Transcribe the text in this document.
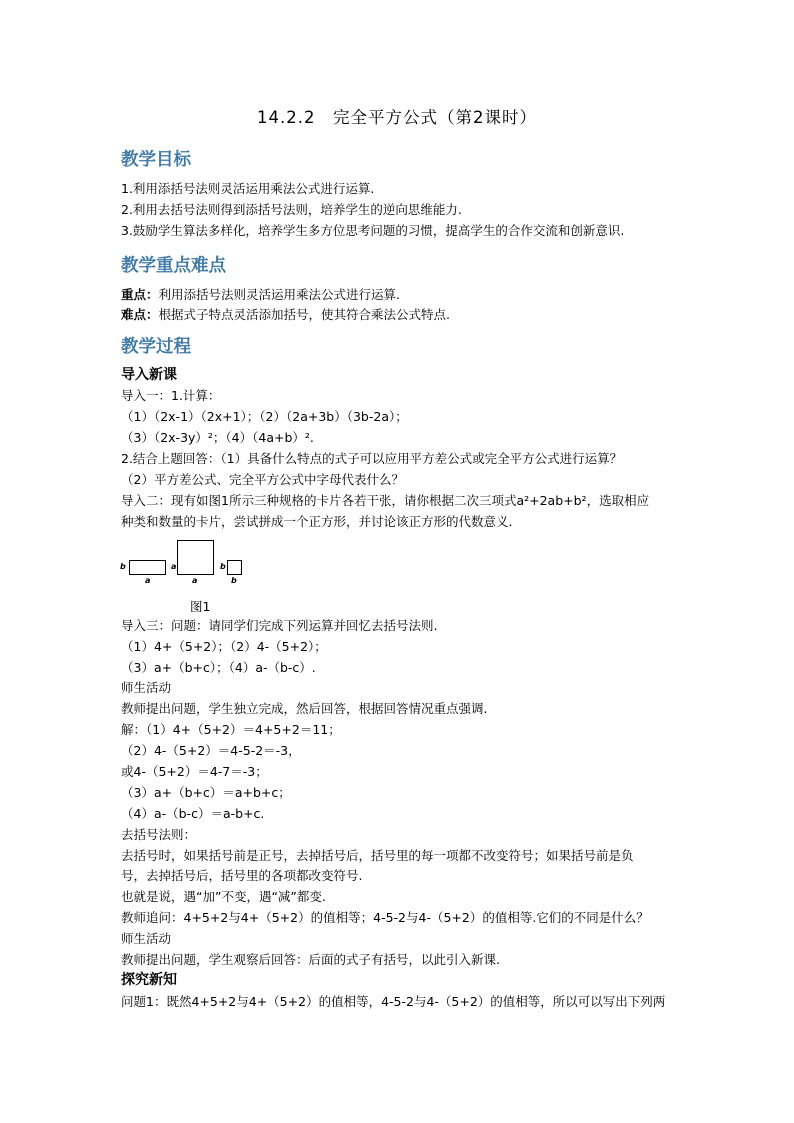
14.2.2　完全平方公式（第2课时）
教学目标
1.利用添括号法则灵活运用乘法公式进行运算.
2.利用去括号法则得到添括号法则，培养学生的逆向思维能力.
3.鼓励学生算法多样化，培养学生多方位思考问题的习惯，提高学生的合作交流和创新意识.
教学重点难点
重点：利用添括号法则灵活运用乘法公式进行运算.
难点：根据式子特点灵活添加括号，使其符合乘法公式特点.
教学过程
导入新课
导入一：1.计算：
（1）（2x-1）（2x+1）；（2）（2a+3b）（3b-2a）；
（3）（2x-3y）²；（4）（4a+b）².
2.结合上题回答：（1）具备什么特点的式子可以应用平方差公式或完全平方公式进行运算？
（2）平方差公式、完全平方公式中字母代表什么？
导入二：现有如图1所示三种规格的卡片各若干张，请你根据二次三项式a²+2ab+b²，选取相应
种类和数量的卡片，尝试拼成一个正方形，并讨论该正方形的代数意义.
b
a
a
a
b
b
图1
导入三：问题：请同学们完成下列运算并回忆去括号法则.
（1）4+（5+2）；（2）4-（5+2）；
（3）a+（b+c）；（4）a-（b-c）.
师生活动
教师提出问题，学生独立完成，然后回答，根据回答情况重点强调.
解：（1）4+（5+2）＝4+5+2＝11；
（2）4-（5+2）＝4-5-2＝-3，
或4-（5+2）＝4-7＝-3；
（3）a+（b+c）＝a+b+c；
（4）a-（b-c）＝a-b+c.
去括号法则：
去括号时，如果括号前是正号，去掉括号后，括号里的每一项都不改变符号；如果括号前是负
号，去掉括号后，括号里的各项都改变符号.
也就是说，遇“加”不变，遇“减”都变.
教师追问：4+5+2与4+（5+2）的值相等；4-5-2与4-（5+2）的值相等.它们的不同是什么？
师生活动
教师提出问题，学生观察后回答：后面的式子有括号，以此引入新课.
探究新知
问题1：既然4+5+2与4+（5+2）的值相等，4-5-2与4-（5+2）的值相等，所以可以写出下列两
